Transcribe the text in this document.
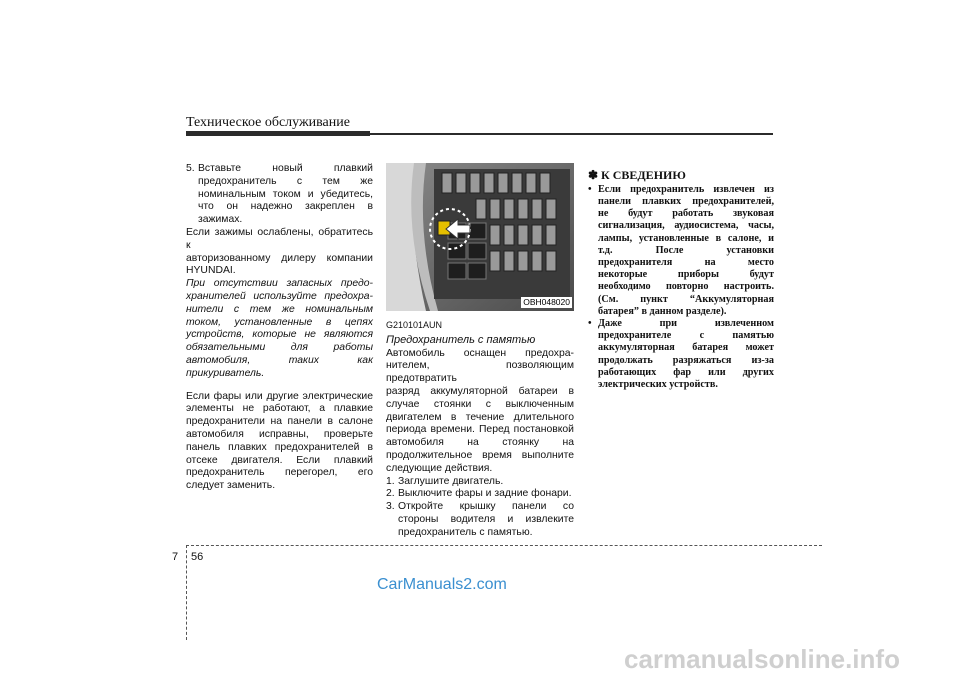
Техническое обслуживание
5. Вставьте новый плавкий

предохранитель с тем же

номинальным током и убедитесь,

что он надежно закреплен в

зажимах.

Если зажимы ослаблены, обратитесь к

авторизованному дилеру компании

HYUNDAI.

При отсутствии запасных предо-

хранителей используйте предохра-

нители с тем же номинальным

током, установленные в цепях

устройств, которые не являются

обязательными для работы

автомобиля, таких как

прикуриватель.

Если фары или другие электрические

элементы не работают, а плавкие

предохранители на панели в салоне

автомобиля исправны, проверьте

панель плавких предохранителей в

отсеке двигателя. Если плавкий

предохранитель перегорел, его

следует заменить.

OBH048020
G210101AUN
Предохранитель с памятью

Автомобиль оснащен предохра-

нителем, позволяющим предотвратить

разряд аккумуляторной батареи в

случае стоянки с выключенным

двигателем в течение длительного

периода времени. Перед постановкой

автомобиля на стоянку на

продолжительное время выполните

следующие действия.

1. Заглушите двигатель.
2. Выключите фары и задние фонари.
3. Откройте крышку панели со

стороны водителя и извлеките

предохранитель с памятью.

✽ К СВЕДЕНИЮ
• Если предохранитель извлечен из

панели плавких предохранителей,

не будут работать звуковая

сигнализация, аудиосистема, часы,

лампы, установленные в салоне, и

т.д. После установки

предохранителя на место

некоторые приборы будут

необходимо повторно настроить.

(См. пункт “Аккумуляторная

батарея” в данном разделе).

• Даже при извлеченном

предохранителе с памятью

аккумуляторная батарея может

продолжать разряжаться из-за

работающих фар или других

электрических устройств.

7 56
CarManuals2.com
carmanualsonline.info
